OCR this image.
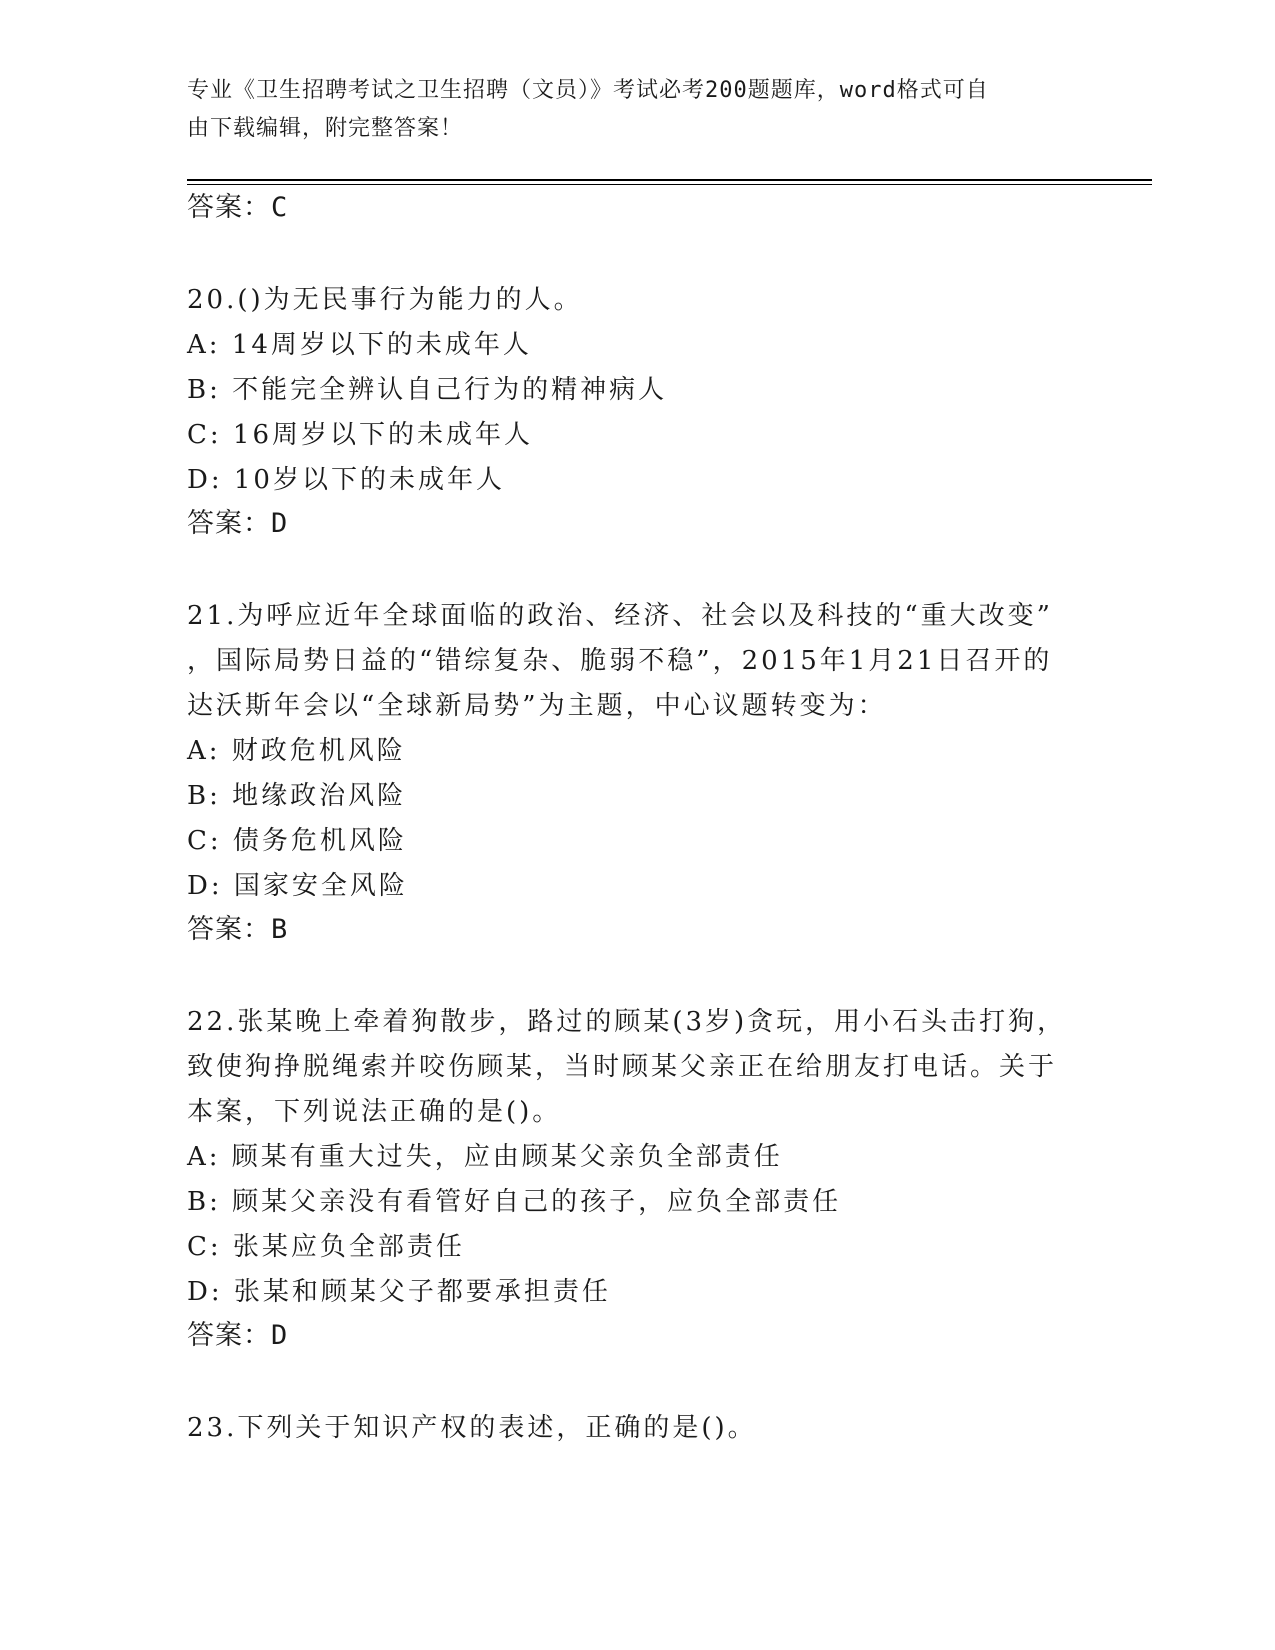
专业《卫生招聘考试之卫生招聘（文员）》考试必考200题题库，word格式可自
由下载编辑，附完整答案！
答案：C
20.()为无民事行为能力的人。
A: 14周岁以下的未成年人
B: 不能完全辨认自己行为的精神病人
C: 16周岁以下的未成年人
D: 10岁以下的未成年人
答案：D
21.为呼应近年全球面临的政治、经济、社会以及科技的“重大改变”
，国际局势日益的“错综复杂、脆弱不稳”，2015年1月21日召开的
达沃斯年会以“全球新局势”为主题，中心议题转变为：
A: 财政危机风险
B: 地缘政治风险
C: 债务危机风险
D: 国家安全风险
答案：B
22.张某晚上牵着狗散步，路过的顾某(3岁)贪玩，用小石头击打狗，
致使狗挣脱绳索并咬伤顾某，当时顾某父亲正在给朋友打电话。关于
本案，下列说法正确的是()。
A: 顾某有重大过失，应由顾某父亲负全部责任
B: 顾某父亲没有看管好自己的孩子，应负全部责任
C: 张某应负全部责任
D: 张某和顾某父子都要承担责任
答案：D
23.下列关于知识产权的表述，正确的是()。
